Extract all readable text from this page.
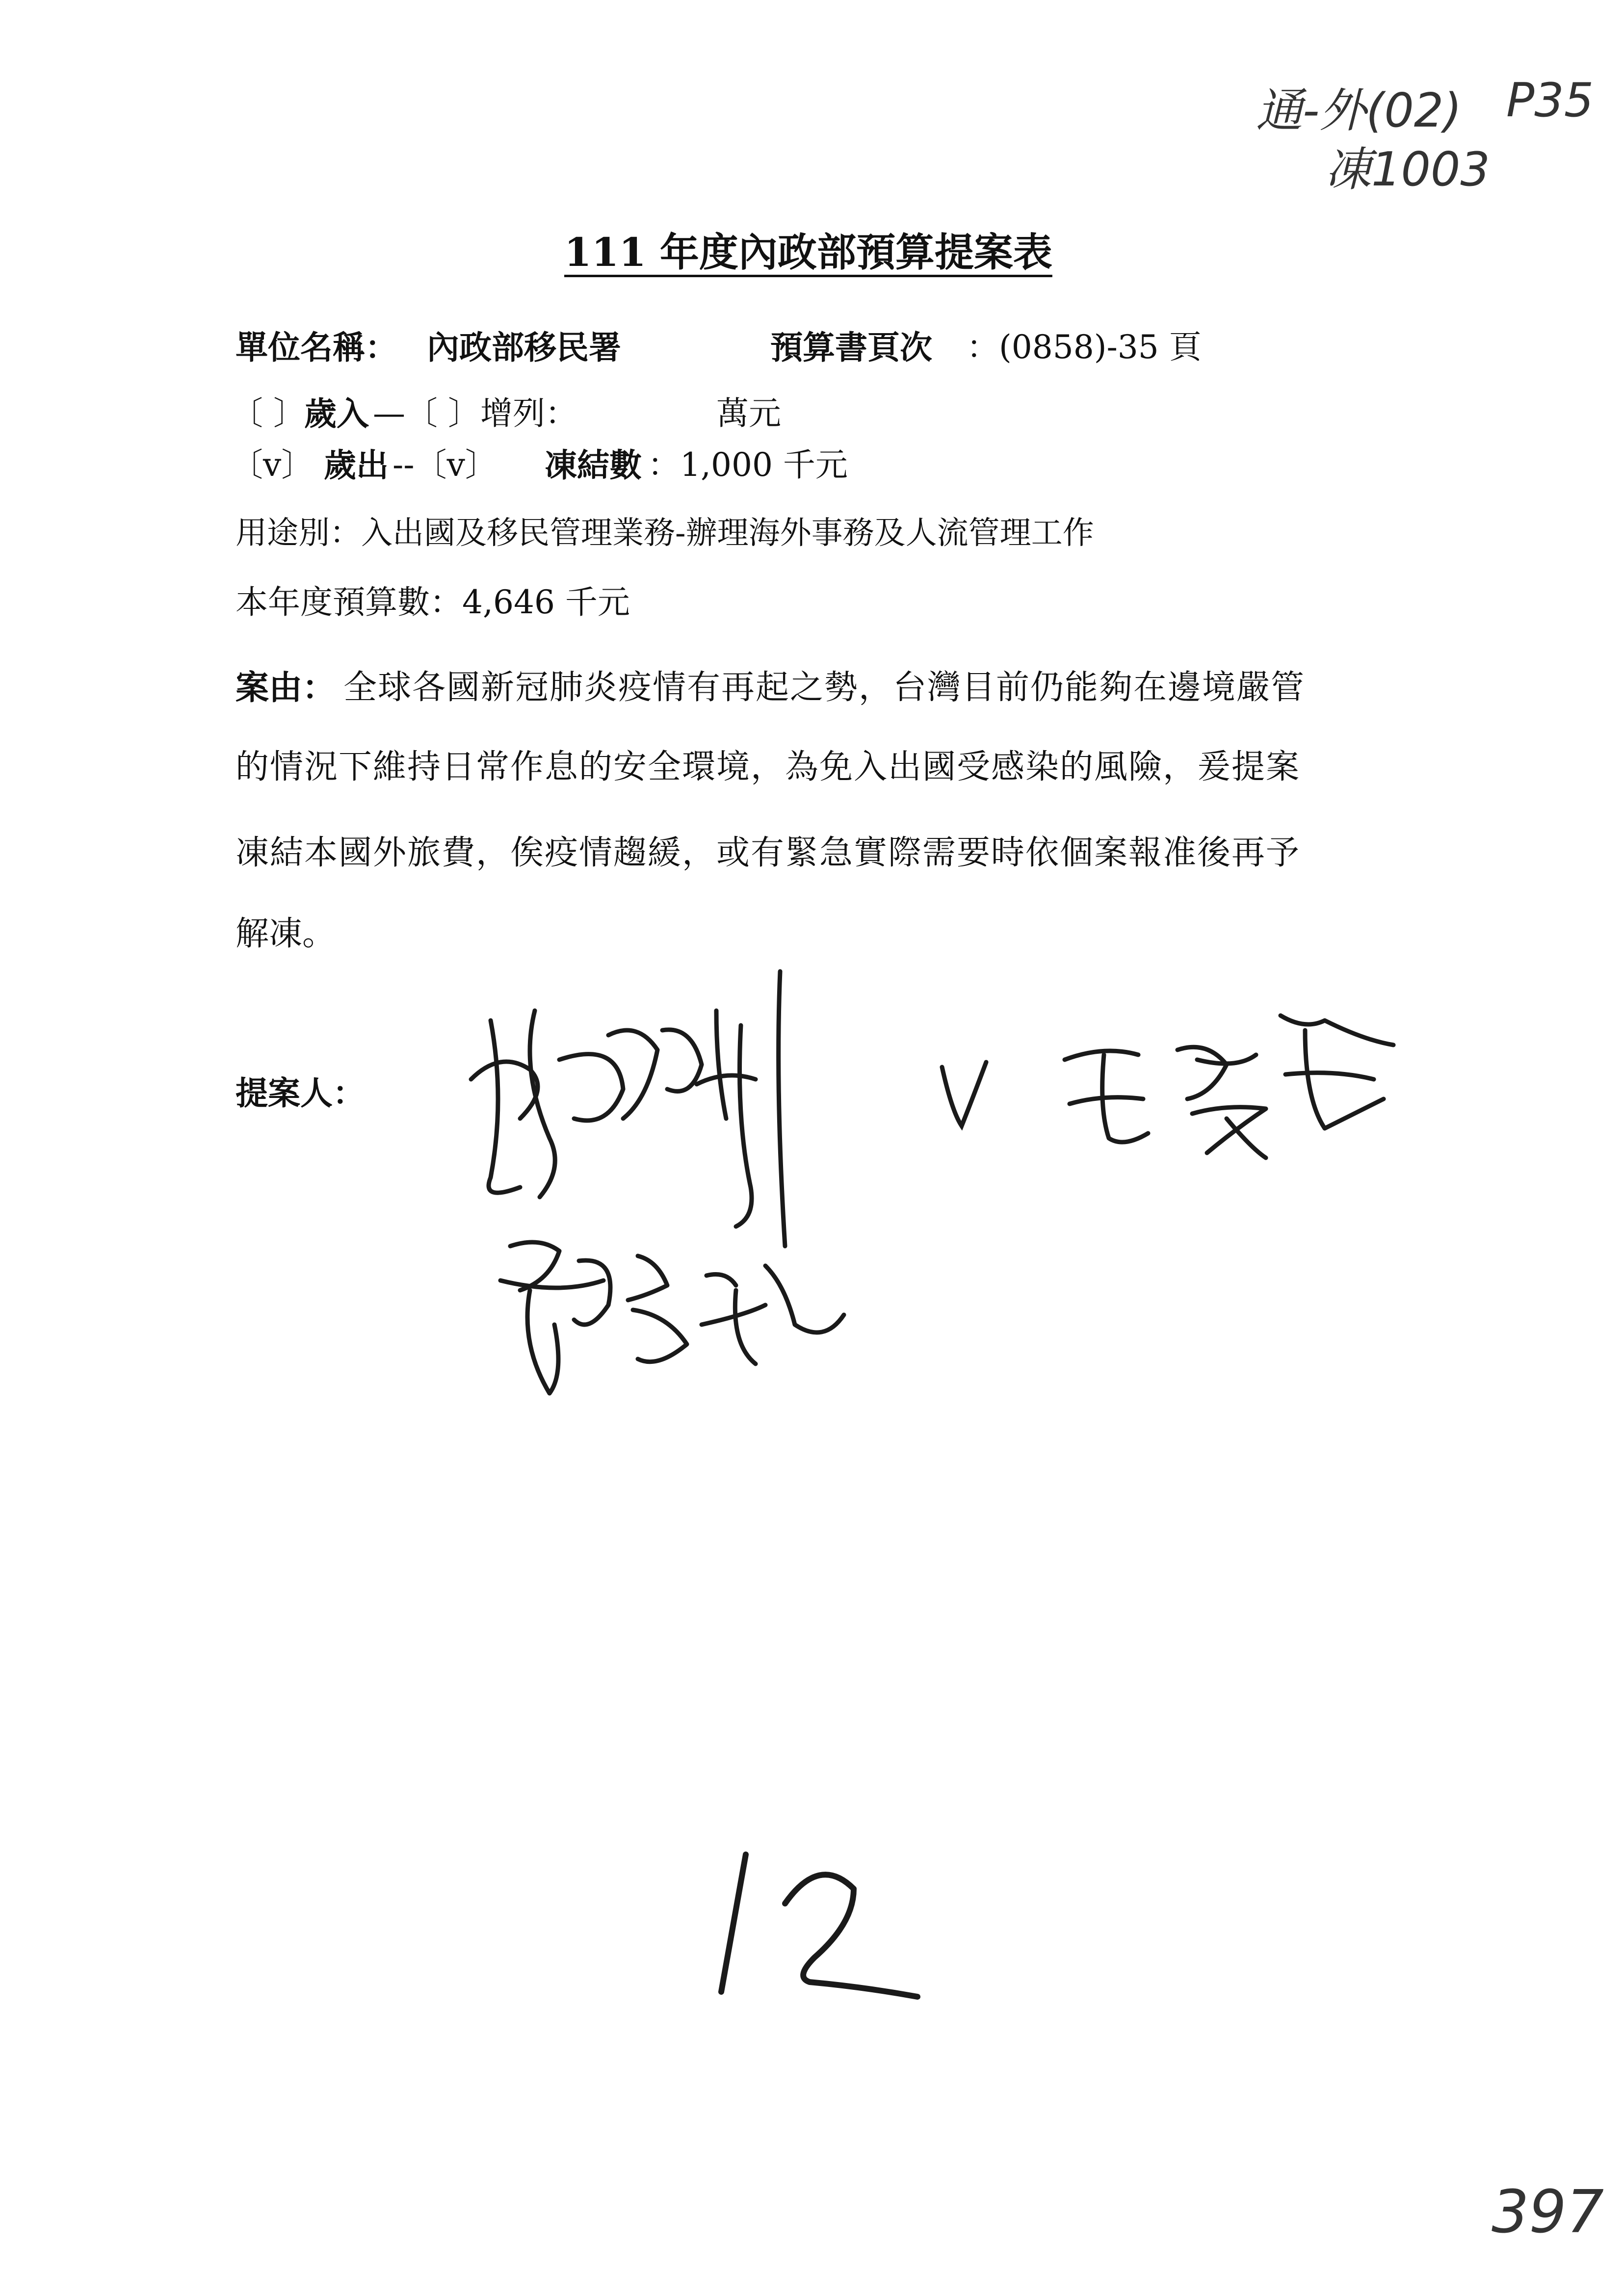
通-外(02) P35
凍1003
111 年度內政部預算提案表
單位名稱： 內政部移民署	預算書頁次 ：(0858)-35 頁
〔 〕
歲入 —〔 〕增列：	萬元
〔v〕 歲出 --〔v〕 凍結數 ：1,000 千元
用途別：入出國及移民管理業務-辦理海外事務及人流管理工作
本年度預算數：4,646 千元
案由： 全球各國新冠肺炎疫情有再起之勢，台灣目前仍能夠在邊境嚴管
的情況下維持日常作息的安全環境，為免入出國受感染的風險，爰提案
凍結本國外旅費，俟疫情趨緩，或有緊急實際需要時依個案報准後再予
解凍。
提案人：
397
